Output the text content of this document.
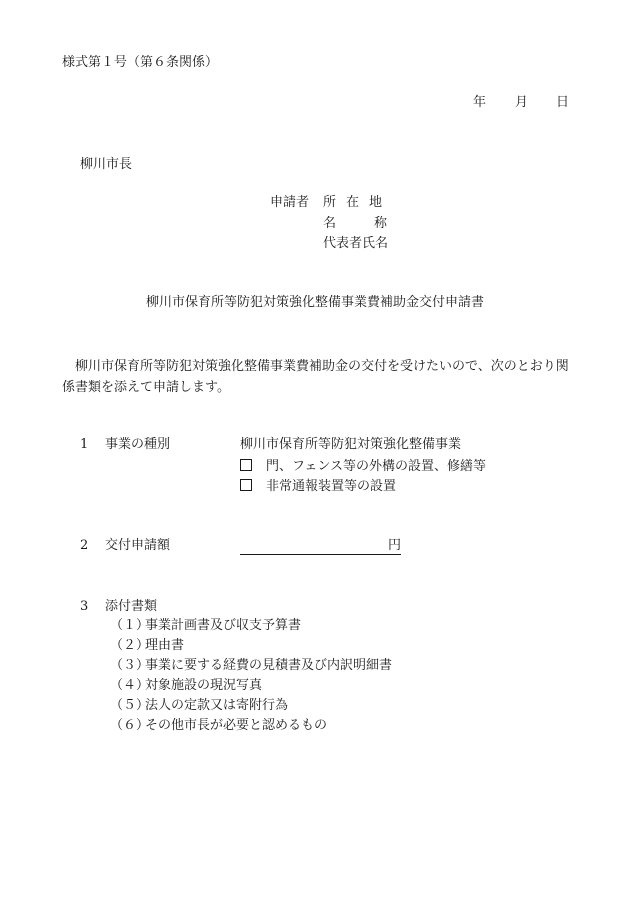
様式第１号（第６条関係）
年 月 日
柳川市長
申請者 所在地
名	称
代表者氏名
柳川市保育所等防犯対策強化整備事業費補助金交付申請書
柳川市保育所等防犯対策強化整備事業費補助金の交付を受けたいので、次のとおり関係書類を添えて申請します。
1 事業の種別	柳川市保育所等防犯対策強化整備事業
門、フェンス等の外構の設置、修繕等
非常通報装置等の設置
2 交付申請額	円
3 添付書類
（１）事業計画書及び収支予算書
（２）理由書
（３）事業に要する経費の見積書及び内訳明細書
（４）対象施設の現況写真
（５）法人の定款又は寄附行為
（６）その他市長が必要と認めるもの
